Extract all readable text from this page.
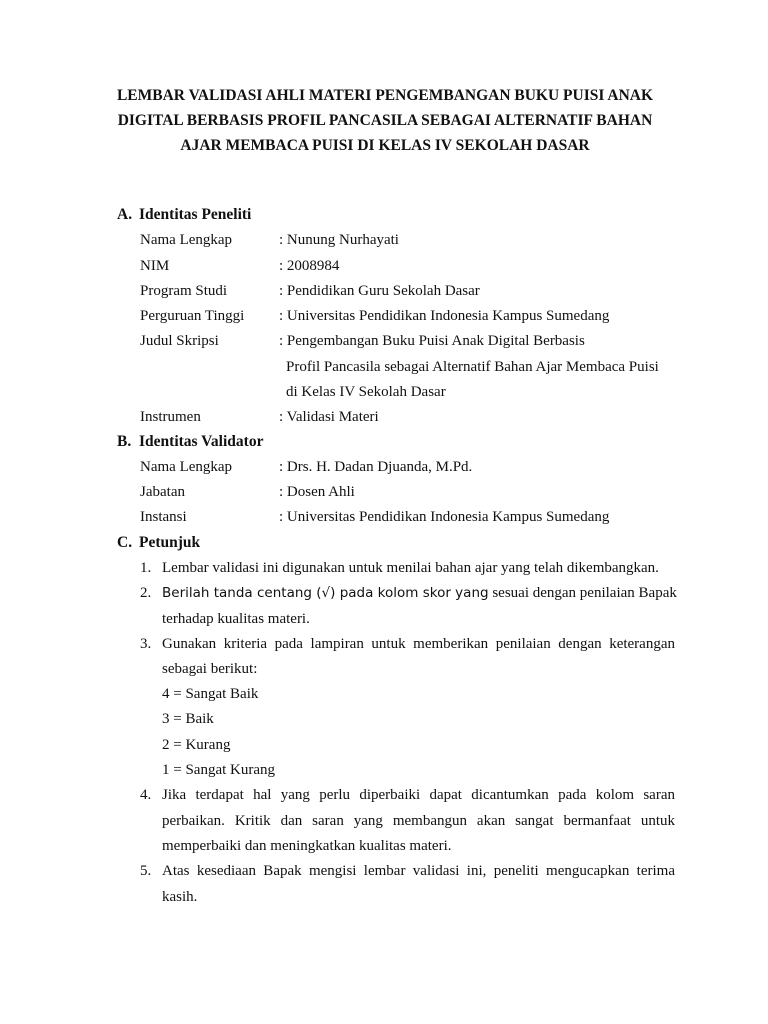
LEMBAR VALIDASI AHLI MATERI PENGEMBANGAN BUKU PUISI ANAK
DIGITAL BERBASIS PROFIL PANCASILA SEBAGAI ALTERNATIF BAHAN
AJAR MEMBACA PUISI DI KELAS IV SEKOLAH DASAR
A. Identitas Peneliti
Nama Lengkap	: Nunung Nurhayati
NIM	: 2008984
Program Studi	: Pendidikan Guru Sekolah Dasar
Perguruan Tinggi : Universitas Pendidikan Indonesia Kampus Sumedang
Judul Skripsi	: Pengembangan Buku Puisi Anak Digital Berbasis
Profil Pancasila sebagai Alternatif Bahan Ajar Membaca Puisi
di Kelas IV Sekolah Dasar
Instrumen	: Validasi Materi
B. Identitas Validator
Nama Lengkap	: Drs. H. Dadan Djuanda, M.Pd.
Jabatan	: Dosen Ahli
Instansi	: Universitas Pendidikan Indonesia Kampus Sumedang
C. Petunjuk
1. Lembar validasi ini digunakan untuk menilai bahan ajar yang telah dikembangkan.
2. Berilah tanda centang (√) pada kolom skor yang sesuai dengan penilaian Bapak
terhadap kualitas materi.
3. Gunakan kriteria pada lampiran untuk memberikan penilaian dengan keterangan
sebagai berikut:
4 = Sangat Baik
3 = Baik
2 = Kurang
1 = Sangat Kurang
4. Jika terdapat hal yang perlu diperbaiki dapat dicantumkan pada kolom saran
perbaikan. Kritik dan saran yang membangun akan sangat bermanfaat untuk
memperbaiki dan meningkatkan kualitas materi.
5. Atas kesediaan Bapak mengisi lembar validasi ini, peneliti mengucapkan terima
kasih.
